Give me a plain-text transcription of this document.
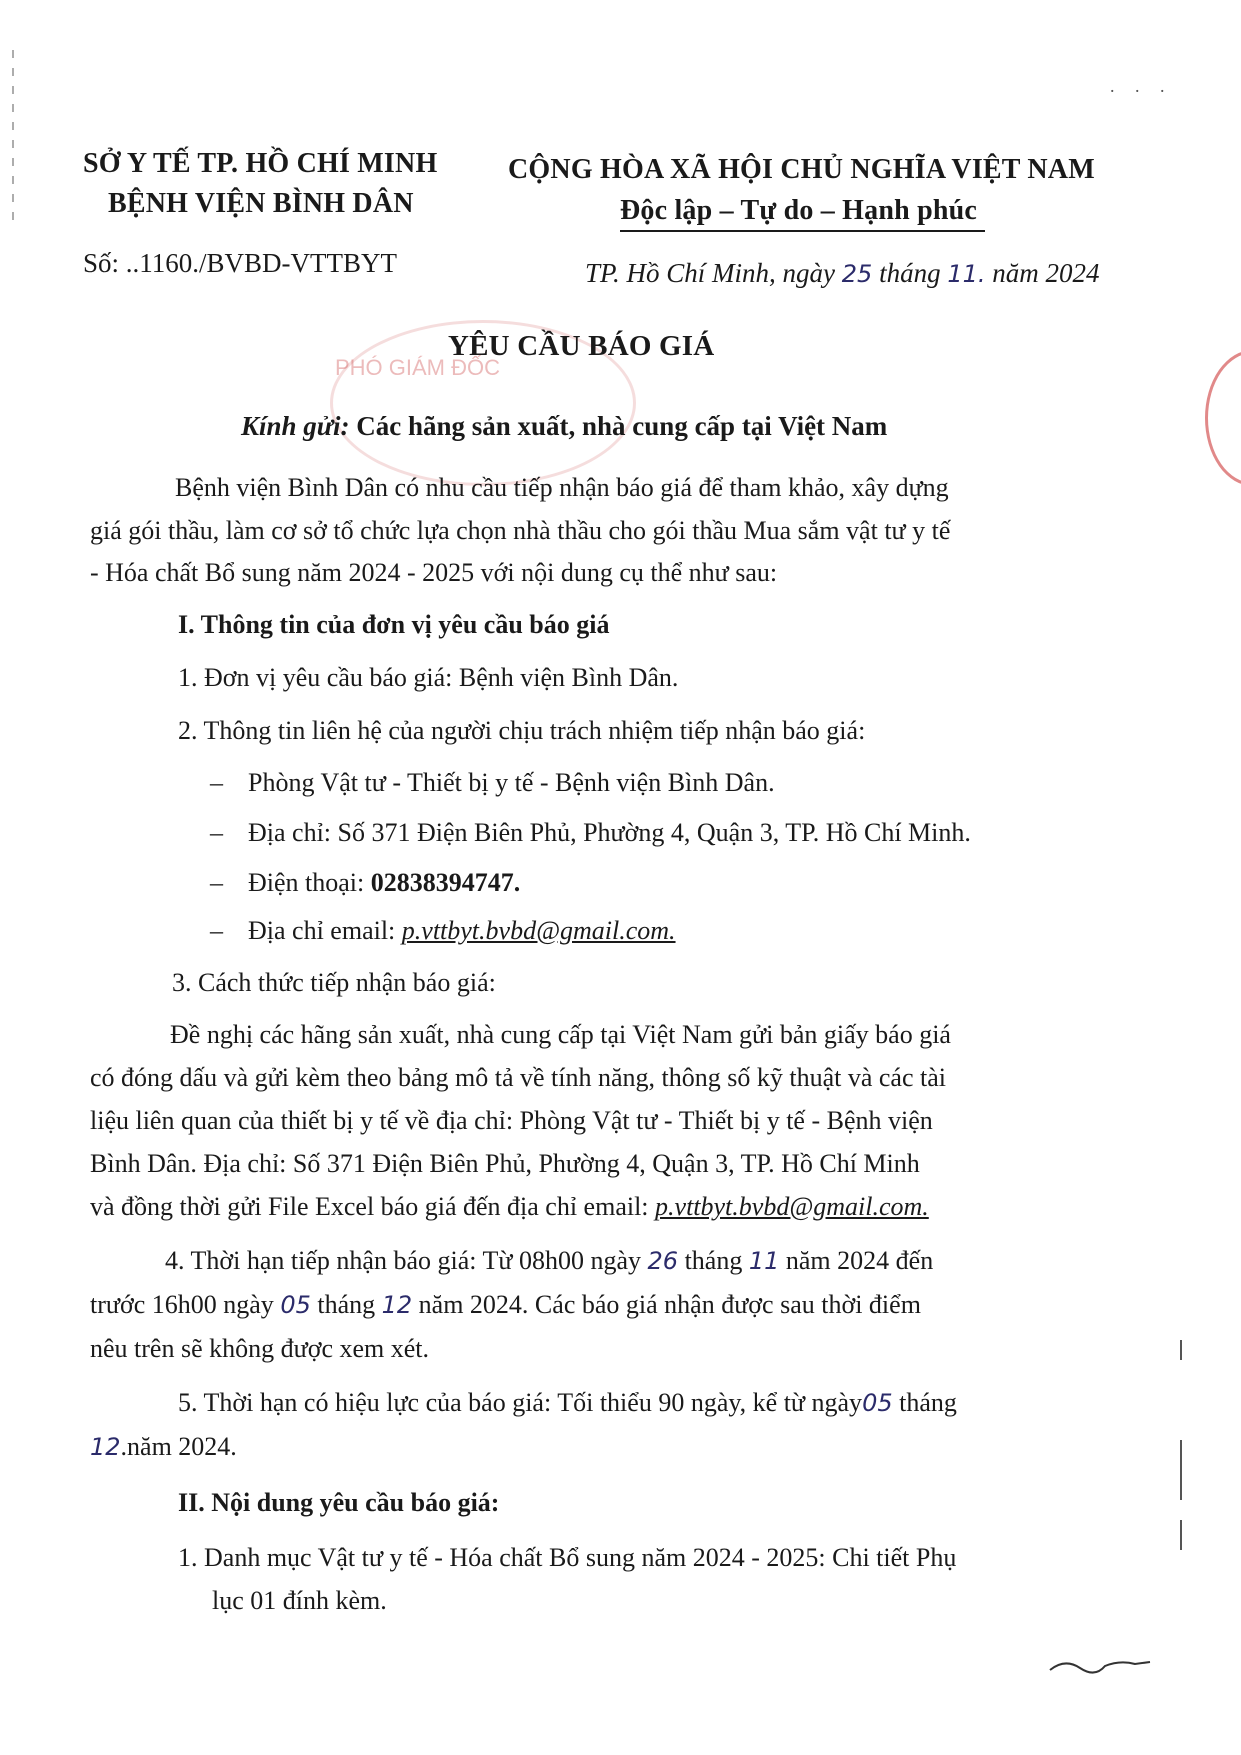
PHÓ GIÁM ĐỐC
SỞ Y TẾ TP. HỒ CHÍ MINH
BỆNH VIỆN BÌNH DÂN
Số: ..1160./BVBD-VTTBYT
CỘNG HÒA XÃ HỘI CHỦ NGHĨA VIỆT NAM
Độc lập – Tự do – Hạnh phúc
TP. Hồ Chí Minh, ngày 25 tháng 11. năm 2024
YÊU CẦU BÁO GIÁ
Kính gửi: Các hãng sản xuất, nhà cung cấp tại Việt Nam
Bệnh viện Bình Dân có nhu cầu tiếp nhận báo giá để tham khảo, xây dựng
giá gói thầu, làm cơ sở tổ chức lựa chọn nhà thầu cho gói thầu Mua sắm vật tư y tế
- Hóa chất Bổ sung năm 2024 - 2025 với nội dung cụ thể như sau:
I. Thông tin của đơn vị yêu cầu báo giá
1. Đơn vị yêu cầu báo giá: Bệnh viện Bình Dân.
2. Thông tin liên hệ của người chịu trách nhiệm tiếp nhận báo giá:
– Phòng Vật tư - Thiết bị y tế - Bệnh viện Bình Dân.
– Địa chỉ: Số 371 Điện Biên Phủ, Phường 4, Quận 3, TP. Hồ Chí Minh.
– Điện thoại: 02838394747.
– Địa chỉ email: p.vttbyt.bvbd@gmail.com.
3. Cách thức tiếp nhận báo giá:
Đề nghị các hãng sản xuất, nhà cung cấp tại Việt Nam gửi bản giấy báo giá
có đóng dấu và gửi kèm theo bảng mô tả về tính năng, thông số kỹ thuật và các tài
liệu liên quan của thiết bị y tế về địa chỉ: Phòng Vật tư - Thiết bị y tế - Bệnh viện
Bình Dân. Địa chỉ: Số 371 Điện Biên Phủ, Phường 4, Quận 3, TP. Hồ Chí Minh
và đồng thời gửi File Excel báo giá đến địa chỉ email: p.vttbyt.bvbd@gmail.com.
4. Thời hạn tiếp nhận báo giá: Từ 08h00 ngày 26 tháng 11 năm 2024 đến
trước 16h00 ngày 05 tháng 12 năm 2024. Các báo giá nhận được sau thời điểm
nêu trên sẽ không được xem xét.
5. Thời hạn có hiệu lực của báo giá: Tối thiểu 90 ngày, kể từ ngày05 tháng
12.năm 2024.
II. Nội dung yêu cầu báo giá:
1. Danh mục Vật tư y tế - Hóa chất Bổ sung năm 2024 - 2025: Chi tiết Phụ
lục 01 đính kèm.
. . .
